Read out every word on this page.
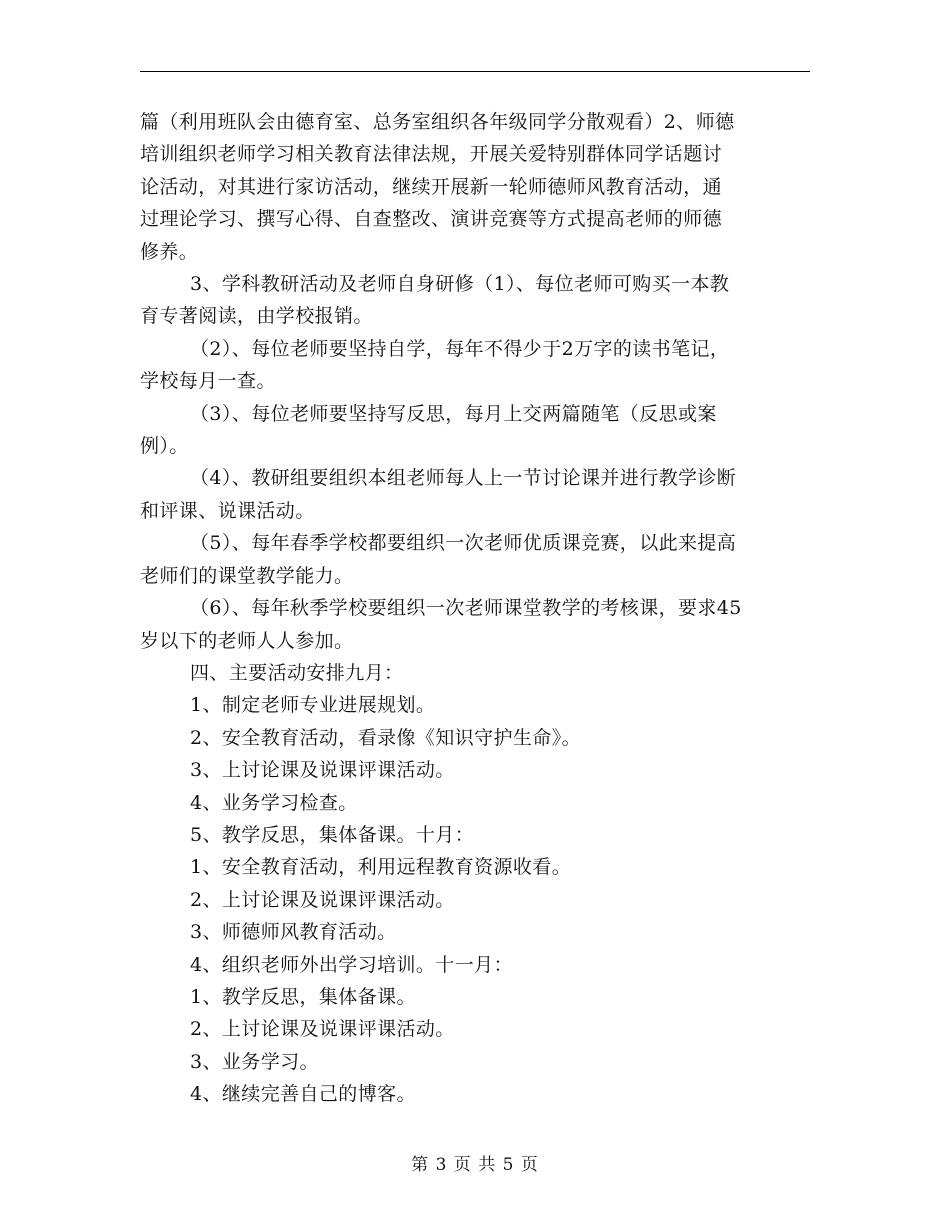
篇（利用班队会由德育室、总务室组织各年级同学分散观看）2、师德
培训组织老师学习相关教育法律法规，开展关爱特别群体同学话题讨
论活动，对其进行家访活动，继续开展新一轮师德师风教育活动，通
过理论学习、撰写心得、自查整改、演讲竞赛等方式提高老师的师德
修养。
3、学科教研活动及老师自身研修（1）、每位老师可购买一本教
育专著阅读，由学校报销。
（2）、每位老师要坚持自学，每年不得少于2万字的读书笔记，
学校每月一查。
（3）、每位老师要坚持写反思，每月上交两篇随笔（反思或案
例）。
（4）、教研组要组织本组老师每人上一节讨论课并进行教学诊断
和评课、说课活动。
（5）、每年春季学校都要组织一次老师优质课竞赛，以此来提高
老师们的课堂教学能力。
（6）、每年秋季学校要组织一次老师课堂教学的考核课，要求45
岁以下的老师人人参加。
四、主要活动安排九月：
1、制定老师专业进展规划。
2、安全教育活动，看录像《知识守护生命》。
3、上讨论课及说课评课活动。
4、业务学习检查。
5、教学反思，集体备课。十月：
1、安全教育活动，利用远程教育资源收看。
2、上讨论课及说课评课活动。
3、师德师风教育活动。
4、组织老师外出学习培训。十一月：
1、教学反思，集体备课。
2、上讨论课及说课评课活动。
3、业务学习。
4、继续完善自己的博客。
第 3 页 共 5 页
